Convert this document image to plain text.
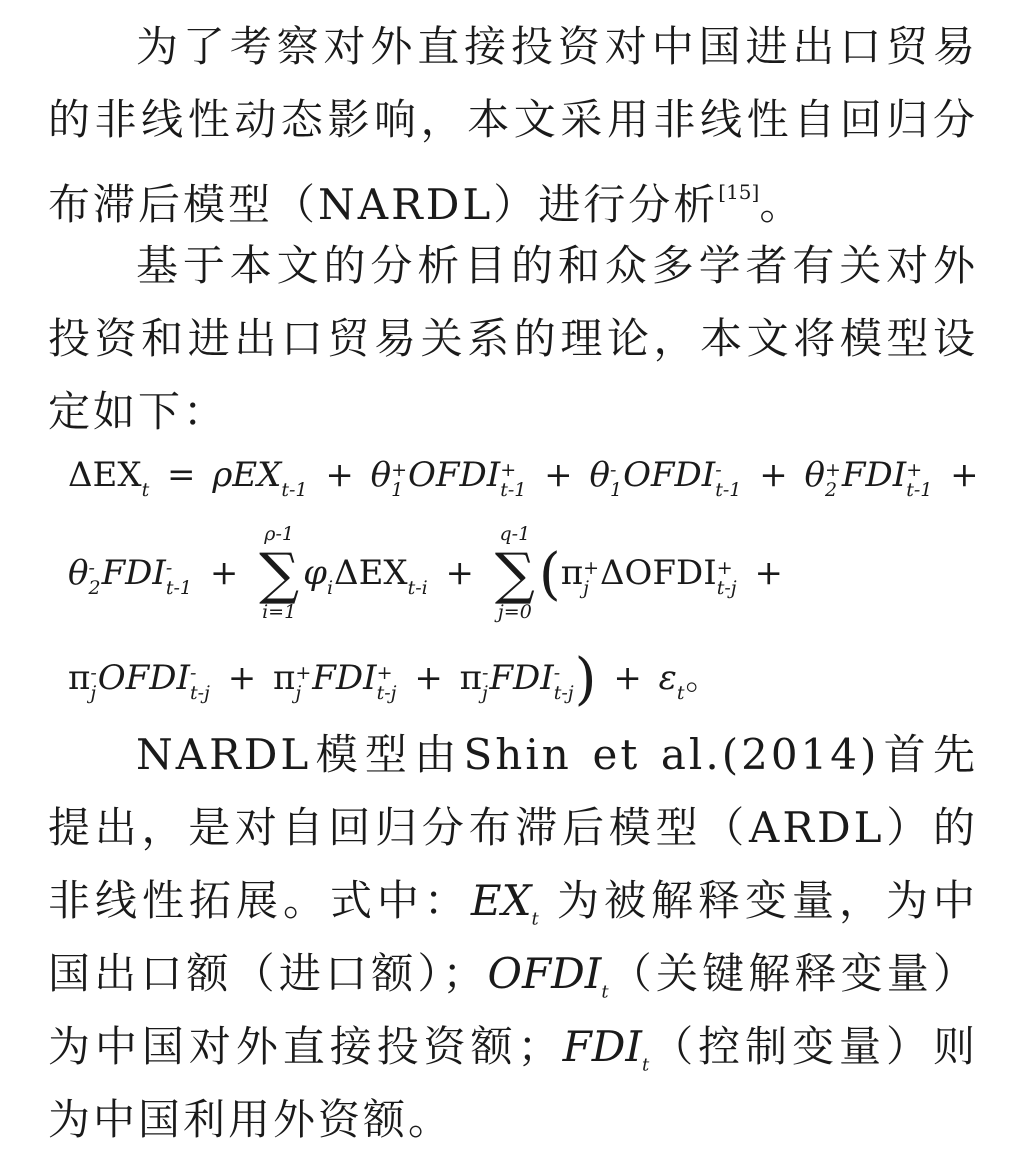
为了考察对外直接投资对中国进出口贸易的非线性动态影响，本文采用非线性自回归分布滞后模型（NARDL）进行分析[15]。

基于本文的分析目的和众多学者有关对外投资和进出口贸易关系的理论，本文将模型设定如下：

ΔEX t = ρEX t-1 + θ +
1 OFDI +
t-1 + θ -
1 OFDI -
t-1 + θ +
2 FDI +
t-1 +
θ -
2 FDI -
t-1 +
ρ-1
∑
i=1
φ i ΔEX t-i +
q-1
∑
j=0
(π +
j ΔOFDI +
t-j +
π -
j OFDI -
t-j + π +
j FDI +
t-j + π -
j FDI -
t-j ) + ε t 。

NARDL模型由Shin et al.(2014)首先提出，是对自回归分布滞后模型（ARDL）的非线性拓展。式中：$EX_t$ 为被解释变量，为中国出口额（进口额）；$OFDI_t$（关键解释变量）为中国对外直接投资额；$FDI_t$（控制变量）则为中国利用外资额。
